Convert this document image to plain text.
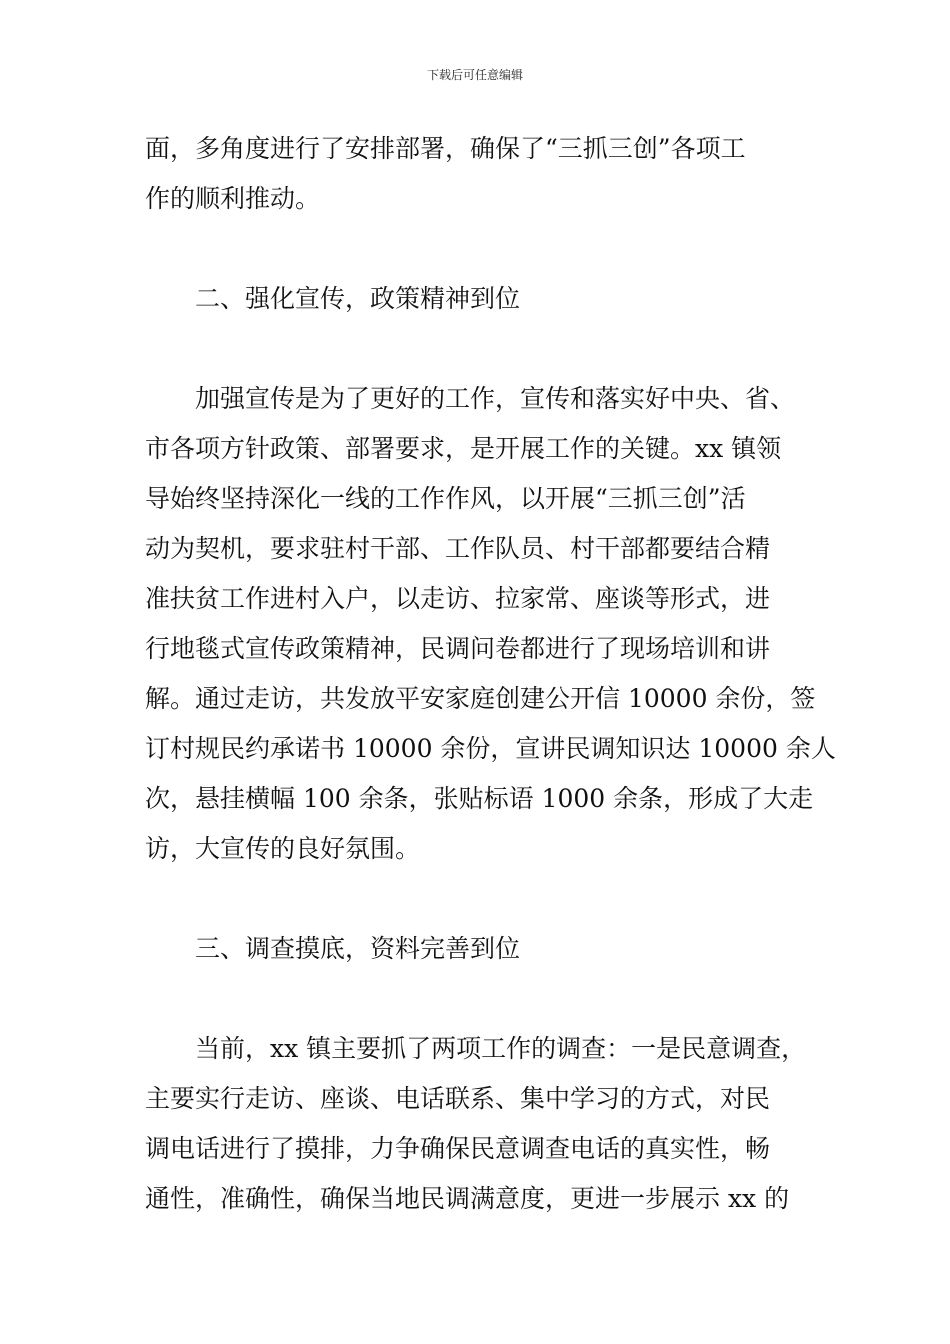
下载后可任意编辑
面，多角度进行了安排部署，确保了“三抓三创”各项工
作的顺利推动。
二、强化宣传，政策精神到位
加强宣传是为了更好的工作，宣传和落实好中央、省、
市各项方针政策、部署要求，是开展工作的关键。xx 镇领
导始终坚持深化一线的工作作风，以开展“三抓三创”活
动为契机，要求驻村干部、工作队员、村干部都要结合精
准扶贫工作进村入户，以走访、拉家常、座谈等形式，进
行地毯式宣传政策精神，民调问卷都进行了现场培训和讲
解。通过走访，共发放平安家庭创建公开信 10000 余份，签
订村规民约承诺书 10000 余份，宣讲民调知识达 10000 余人
次，悬挂横幅 100 余条，张贴标语 1000 余条，形成了大走
访，大宣传的良好氛围。
三、调查摸底，资料完善到位
当前，xx 镇主要抓了两项工作的调查：一是民意调查，
主要实行走访、座谈、电话联系、集中学习的方式，对民
调电话进行了摸排，力争确保民意调查电话的真实性，畅
通性，准确性，确保当地民调满意度，更进一步展示 xx 的
